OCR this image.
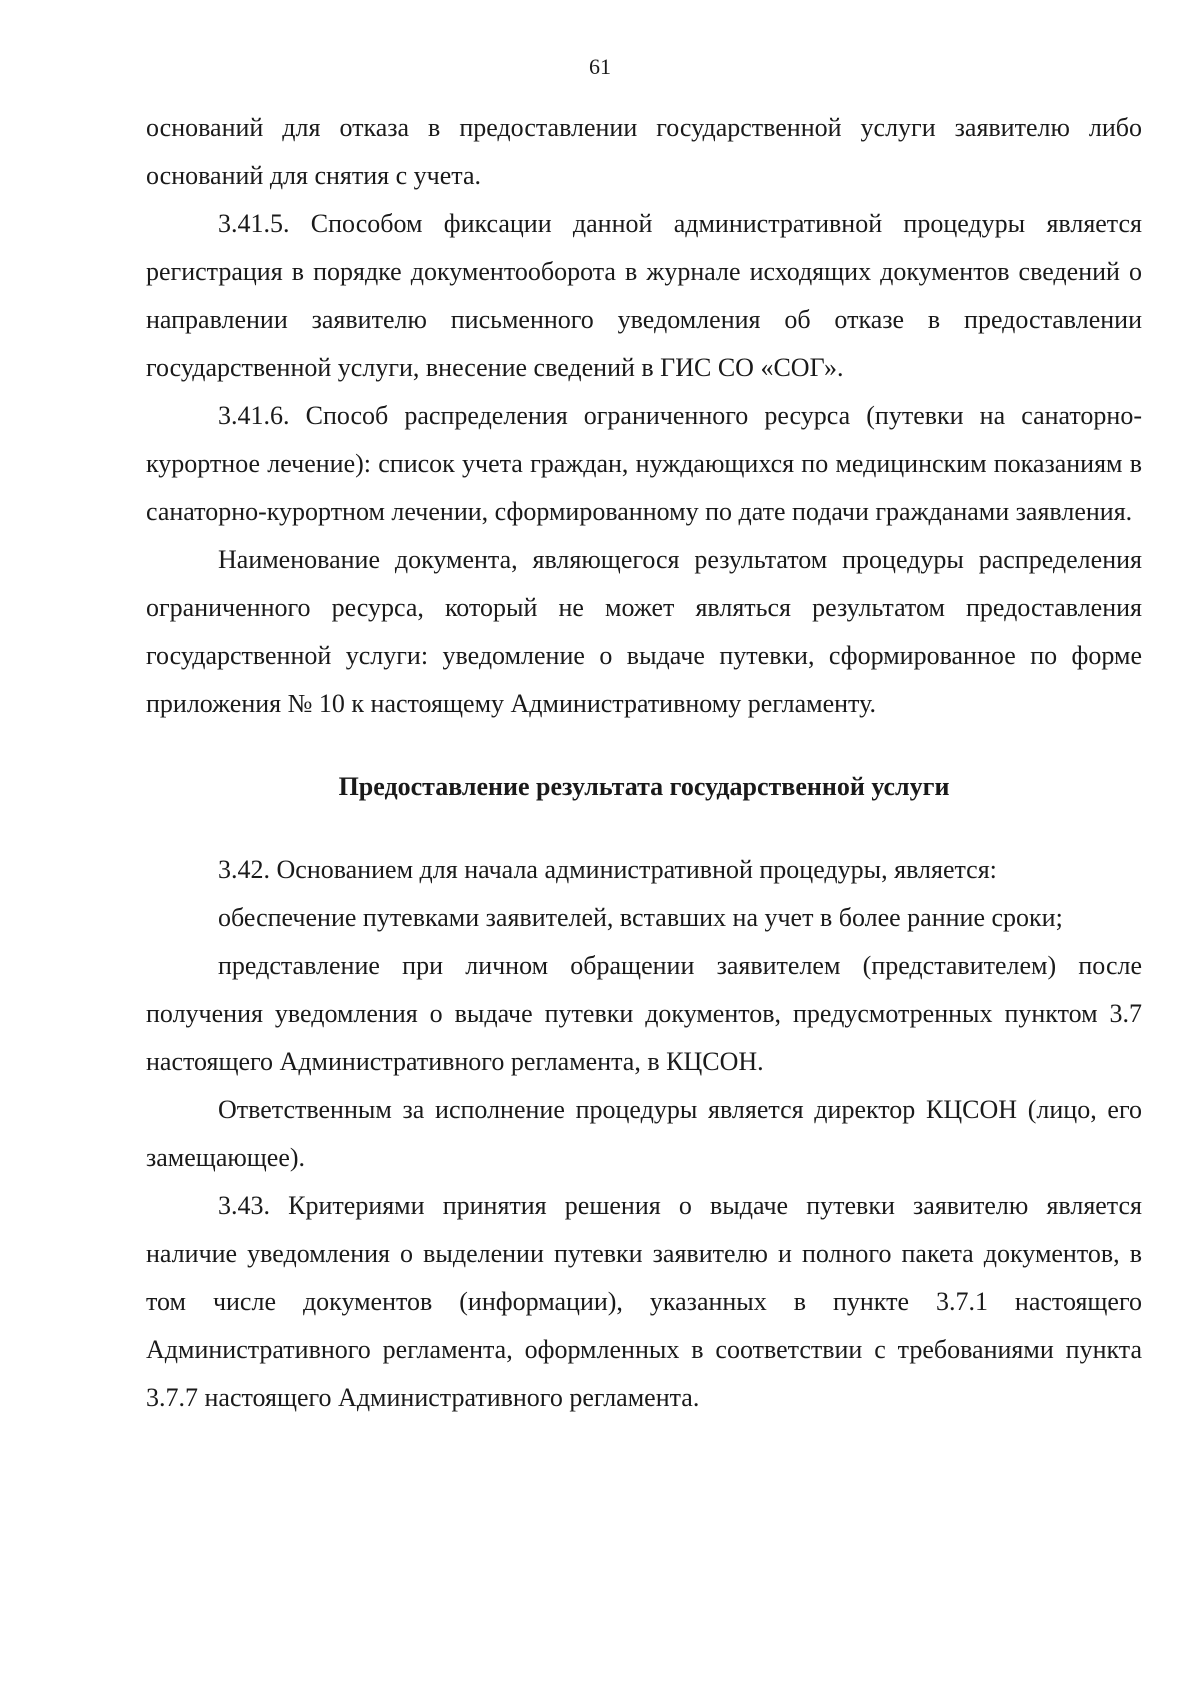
61

оснований для отказа в предоставлении государственной услуги заявителю либо оснований для снятия с учета.

3.41.5. Способом фиксации данной административной процедуры является регистрация в порядке документооборота в журнале исходящих документов сведений о направлении заявителю письменного уведомления об отказе в предоставлении государственной услуги, внесение сведений в ГИС СО «СОГ».

3.41.6. Способ распределения ограниченного ресурса (путевки на санаторно-курортное лечение): список учета граждан, нуждающихся по медицинским показаниям в санаторно-курортном лечении, сформированному по дате подачи гражданами заявления.

Наименование документа, являющегося результатом процедуры распределения ограниченного ресурса, который не может являться результатом предоставления государственной услуги: уведомление о выдаче путевки, сформированное по форме приложения № 10 к настоящему Административному регламенту.

Предоставление результата государственной услуги

3.42. Основанием для начала административной процедуры, является:

обеспечение путевками заявителей, вставших на учет в более ранние сроки;

представление при личном обращении заявителем (представителем) после получения уведомления о выдаче путевки документов, предусмотренных пунктом 3.7 настоящего Административного регламента, в КЦСОН.

Ответственным за исполнение процедуры является директор КЦСОН (лицо, его замещающее).

3.43. Критериями принятия решения о выдаче путевки заявителю является наличие уведомления о выделении путевки заявителю и полного пакета документов, в том числе документов (информации), указанных в пункте 3.7.1 настоящего Административного регламента, оформленных в соответствии с требованиями пункта 3.7.7 настоящего Административного регламента.
